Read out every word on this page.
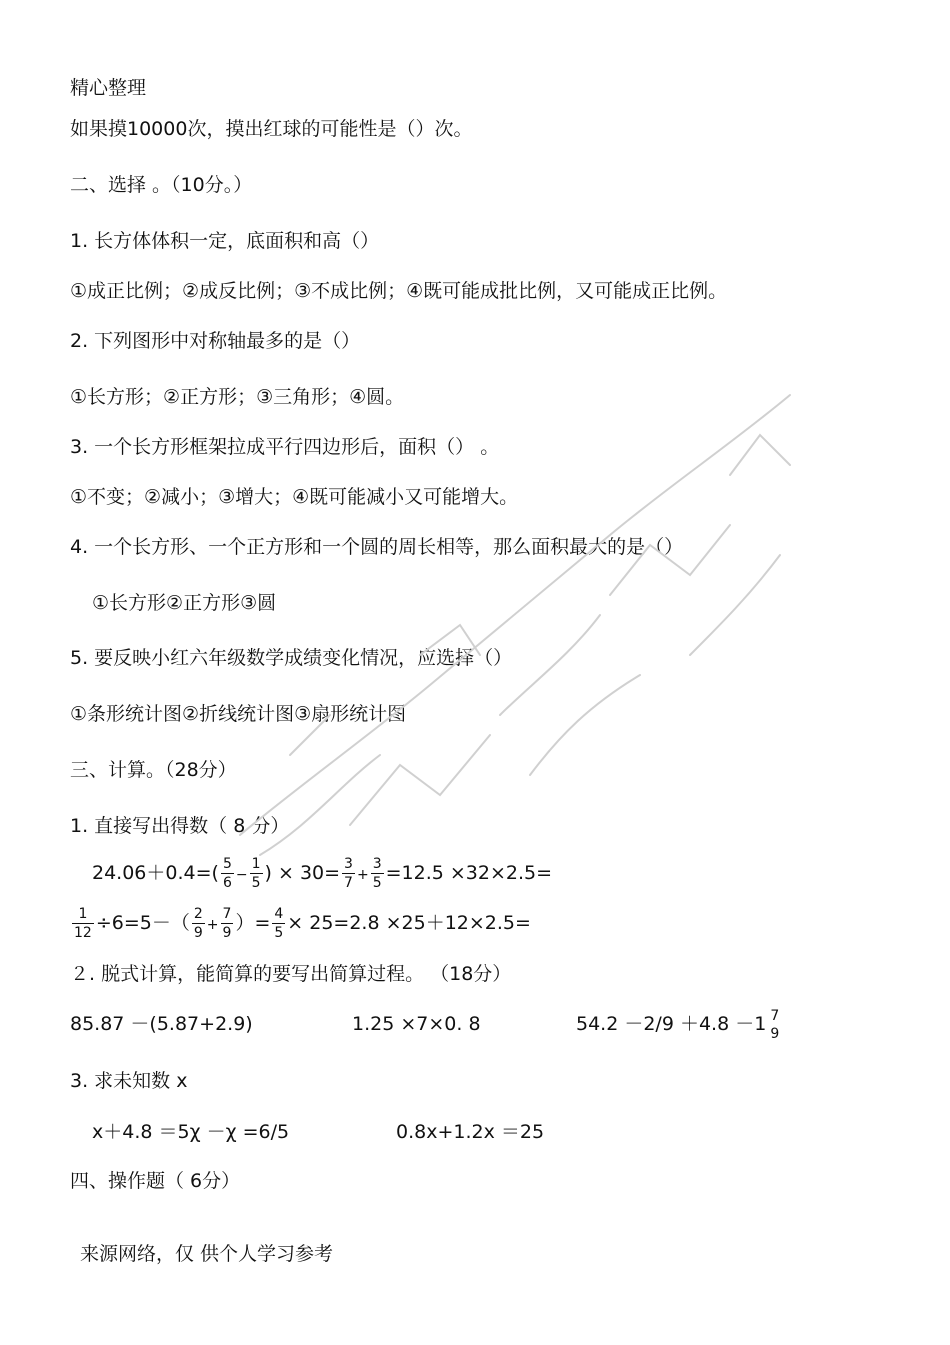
精心整理
如果摸10000次，摸出红球的可能性是（）次。
二、选择 。（10分。）
1. 长方体体积一定，底面积和高（）
①成正比例；②成反比例；③不成比例；④既可能成批比例，又可能成正比例。
2. 下列图形中对称轴最多的是（）
①长方形；②正方形；③三角形；④圆。
3. 一个长方形框架拉成平行四边形后，面积（） 。
①不变；②减小；③增大；④既可能减小又可能增大。
4. 一个长方形、一个正方形和一个圆的周长相等，那么面积最大的是（）
①长方形②正方形③圆
5. 要反映小红六年级数学成绩变化情况，应选择（）
①条形统计图②折线统计图③扇形统计图
三、计算。（28分）
1. 直接写出得数（ 8 分）
$24.06+0.4=( \frac{5}{6} - \frac{1}{5}$ ) × $30= \frac{3}{7} + \frac{3}{5} =12.5 \times 32\times 2.5=$
$\frac{1}{12} \div 6=5-( \frac{2}{9} + \frac{7}{9}$ ）= $\frac{4}{5} \times 25=2.8 \times 25+12\times 2.5=$
２. 脱式计算，能简算的要写出简算过程。 （18分）
85.87 －(5.87+2.9)	1.25 ×7×0. 8	54.2 －2/9 ＋4.8 －1 7
9
3. 求未知数 x
x＋4.8 ＝5χ －χ =6/5	0.8x+1.2x ＝25
四、操作题（ 6分）
来源网络，仅 供个人学习参考
